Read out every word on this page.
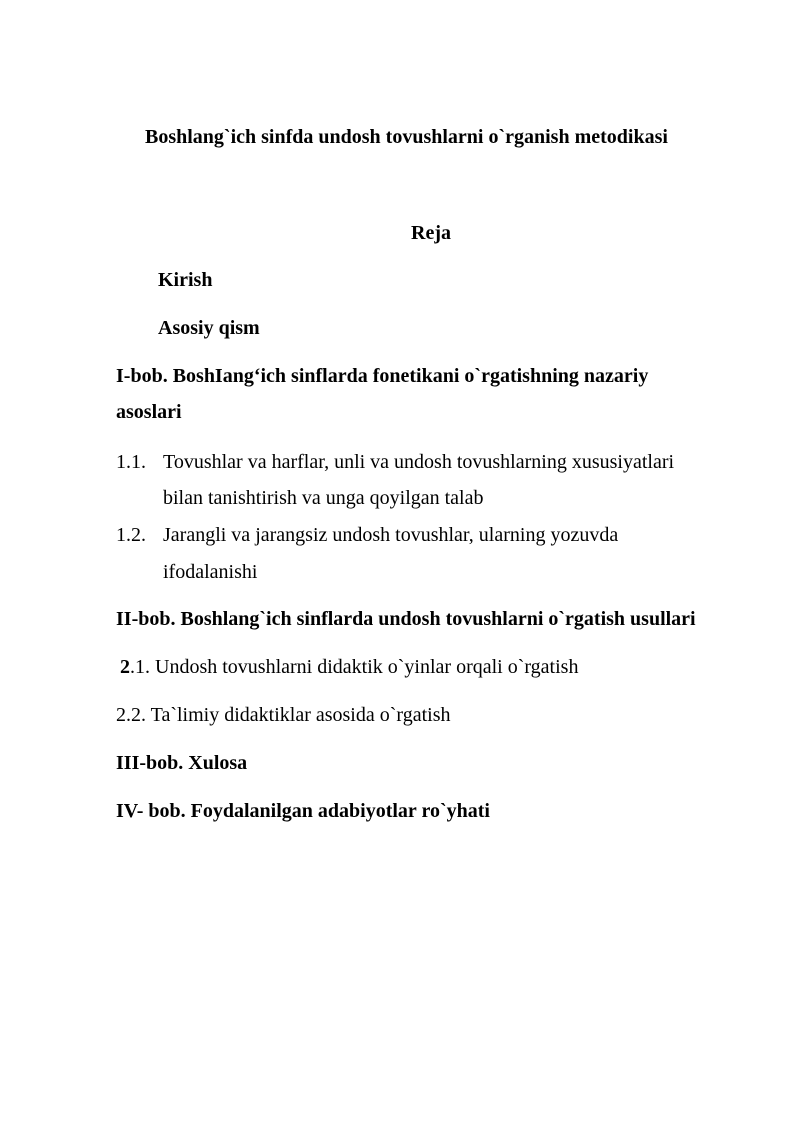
Boshlang`ich sinfda undosh tovushlarni o`rganish metodikasi
Reja
Kirish
Asosiy qism
I-bob. BoshIang‘ich sinflarda fonetikani o`rgatishning nazariy
asoslari
1.1. Tovushlar va harflar, unli va undosh tovushlarning xususiyatlari
bilan tanishtirish va unga qoyilgan talab
1.2. Jarangli va jarangsiz undosh tovushlar, ularning yozuvda
ifodalanishi
II-bob. Boshlang`ich sinflarda undosh tovushlarni o`rgatish usullari
2.1. Undosh tovushlarni didaktik o`yinlar orqali o`rgatish
2.2. Ta`limiy didaktiklar asosida o`rgatish
III-bob. Xulosa
IV- bob. Foydalanilgan adabiyotlar ro`yhati
